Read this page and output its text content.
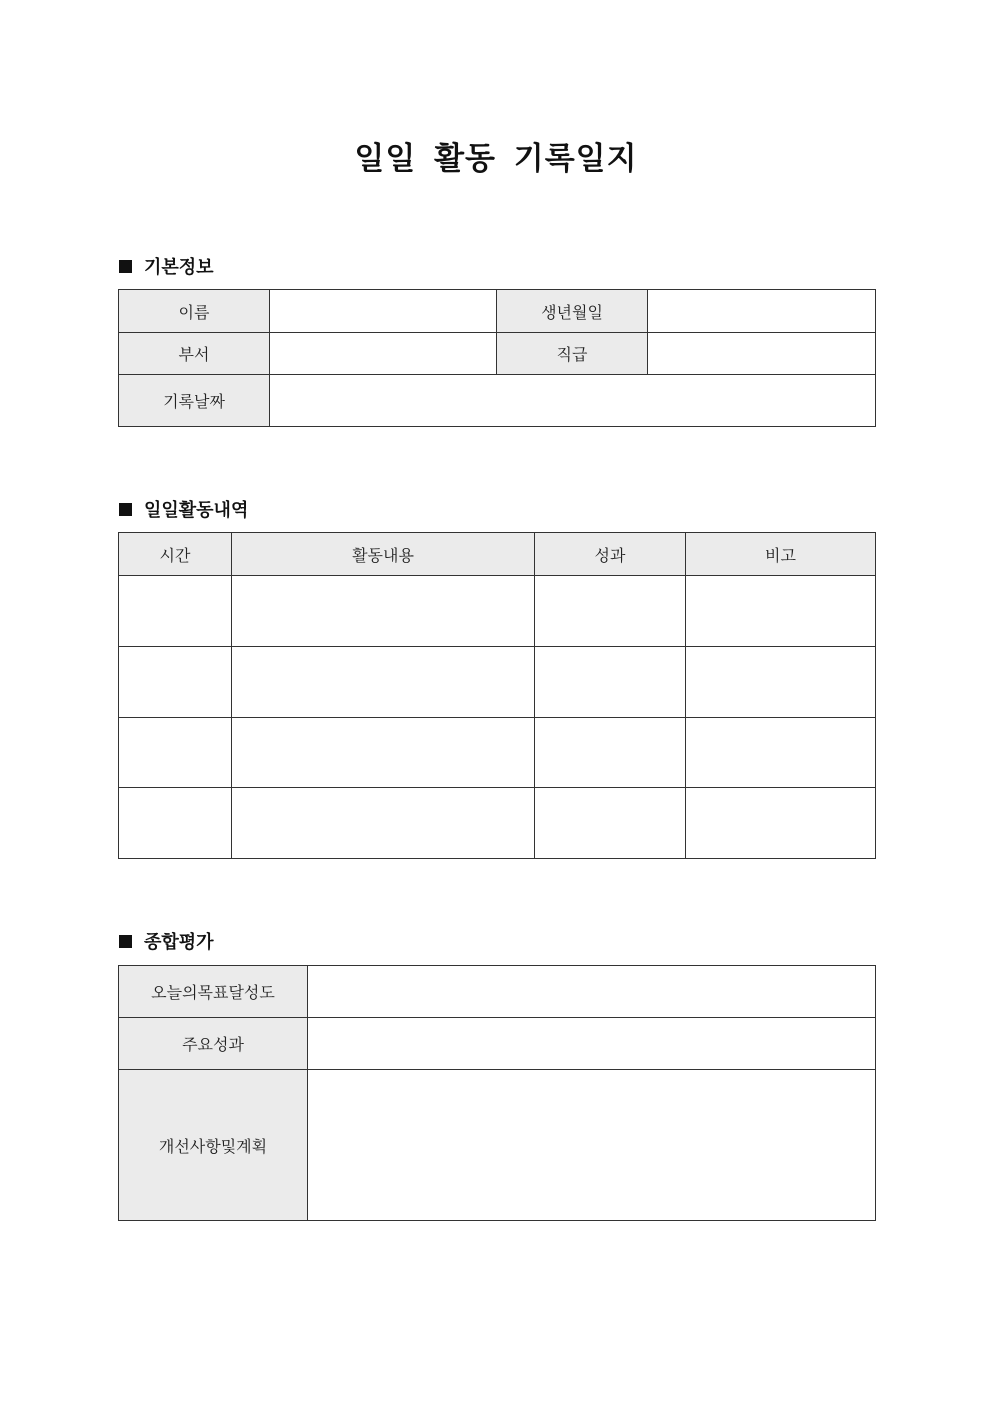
일일 활동 기록일지
기본정보
이름		생년월일	
부서		직급	
기록날짜			
일일활동내역
시간	활동내용	성과	비고

종합평가
오늘의목표달성도	
주요성과	
개선사항및계획	
